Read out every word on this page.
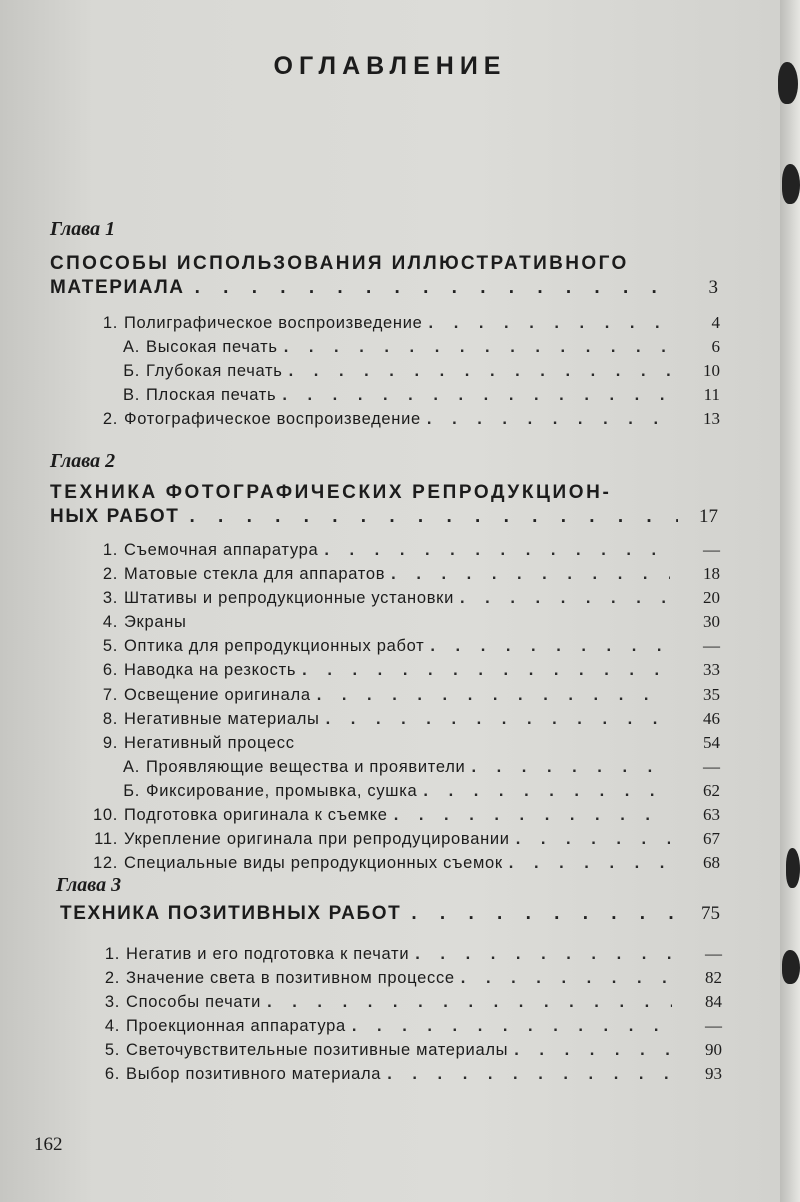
ОГЛАВЛЕНИЕ
Глава 1
СПОСОБЫ ИСПОЛЬЗОВАНИЯ ИЛЛЮСТРАТИВНОГО
МАТЕРИАЛА . . .	3
1. Полиграфическое воспроизведение . . .	4
А. Высокая печать . . .	6
Б. Глубокая печать . . .	10
В. Плоская печать . . .	11
2. Фотографическое воспроизведение . . .	13
Глава 2
ТЕХНИКА ФОТОГРАФИЧЕСКИХ РЕПРОДУКЦИОН-
НЫХ РАБОТ . . .	17
1. Съемочная аппаратура . . .	—
2. Матовые стекла для аппаратов . . .	18
3. Штативы и репродукционные установки . . .	20
4. Экраны	30
5. Оптика для репродукционных работ . . .	—
6. Наводка на резкость . . .	33
7. Освещение оригинала . . .	35
8. Негативные материалы . . .	46
9. Негативный процесс	54
А. Проявляющие вещества и проявители . . .	—
Б. Фиксирование, промывка, сушка . . .	62
10. Подготовка оригинала к съемке . . .	63
11. Укрепление оригинала при репродуцировании . . .	67
12. Специальные виды репродукционных съемок . . .	68
Глава 3
ТЕХНИКА ПОЗИТИВНЫХ РАБОТ . . .	75
1. Негатив и его подготовка к печати . . .	—
2. Значение света в позитивном процессе . . .	82
3. Способы печати . . .	84
4. Проекционная аппаратура . . .	—
5. Светочувствительные позитивные материалы . . .	90
6. Выбор позитивного материала . . .	93
162
